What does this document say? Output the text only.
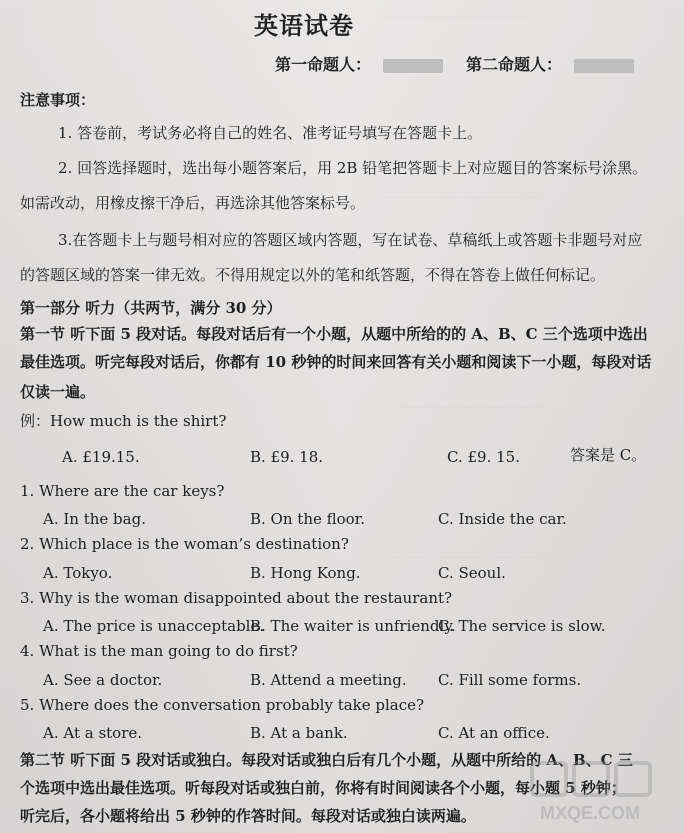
..........................................
..............................................
..........................................
..............................................
英语试卷
第一命题人：	第二命题人：
注意事项：
1. 答卷前，考试务必将自己的姓名、准考证号填写在答题卡上。
2. 回答选择题时，选出每小题答案后，用 2B 铅笔把答题卡上对应题目的答案标号涂黑。
如需改动，用橡皮擦干净后，再选涂其他答案标号。
3.在答题卡上与题号相对应的答题区域内答题，写在试卷、草稿纸上或答题卡非题号对应
的答题区域的答案一律无效。不得用规定以外的笔和纸答题，不得在答卷上做任何标记。
第一部分 听力（共两节，满分 30 分）
第一节 听下面 5 段对话。每段对话后有一个小题，从题中所给的的 A、B、C 三个选项中选出
最佳选项。听完每段对话后，你都有 10 秒钟的时间来回答有关小题和阅读下一小题，每段对话
仅读一遍。
例：How much is the shirt?
A. £19.15.	B. £9. 18.	C. £9. 15.	答案是 C。
1. Where are the car keys?
A. In the bag.	B. On the floor.	C. Inside the car.
2. Which place is the woman’s destination?
A. Tokyo.	B. Hong Kong.	C. Seoul.
3. Why is the woman disappointed about the restaurant?
A. The price is unacceptable.
B. The waiter is unfriendly.
C. The service is slow.
4. What is the man going to do first?
A. See a doctor.	B. Attend a meeting. C. Fill some forms.
5. Where does the conversation probably take place?
A. At a store.	B. At a bank.	C. At an office.
第二节 听下面 5 段对话或独白。每段对话或独白后有几个小题，从题中所给的 A、B、C 三
个选项中选出最佳选项。听每段对话或独白前，你将有时间阅读各个小题，每小题 5 秒钟；
听完后，各小题将给出 5 秒钟的作答时间。每段对话或独白读两遍。	MXQE.COM
